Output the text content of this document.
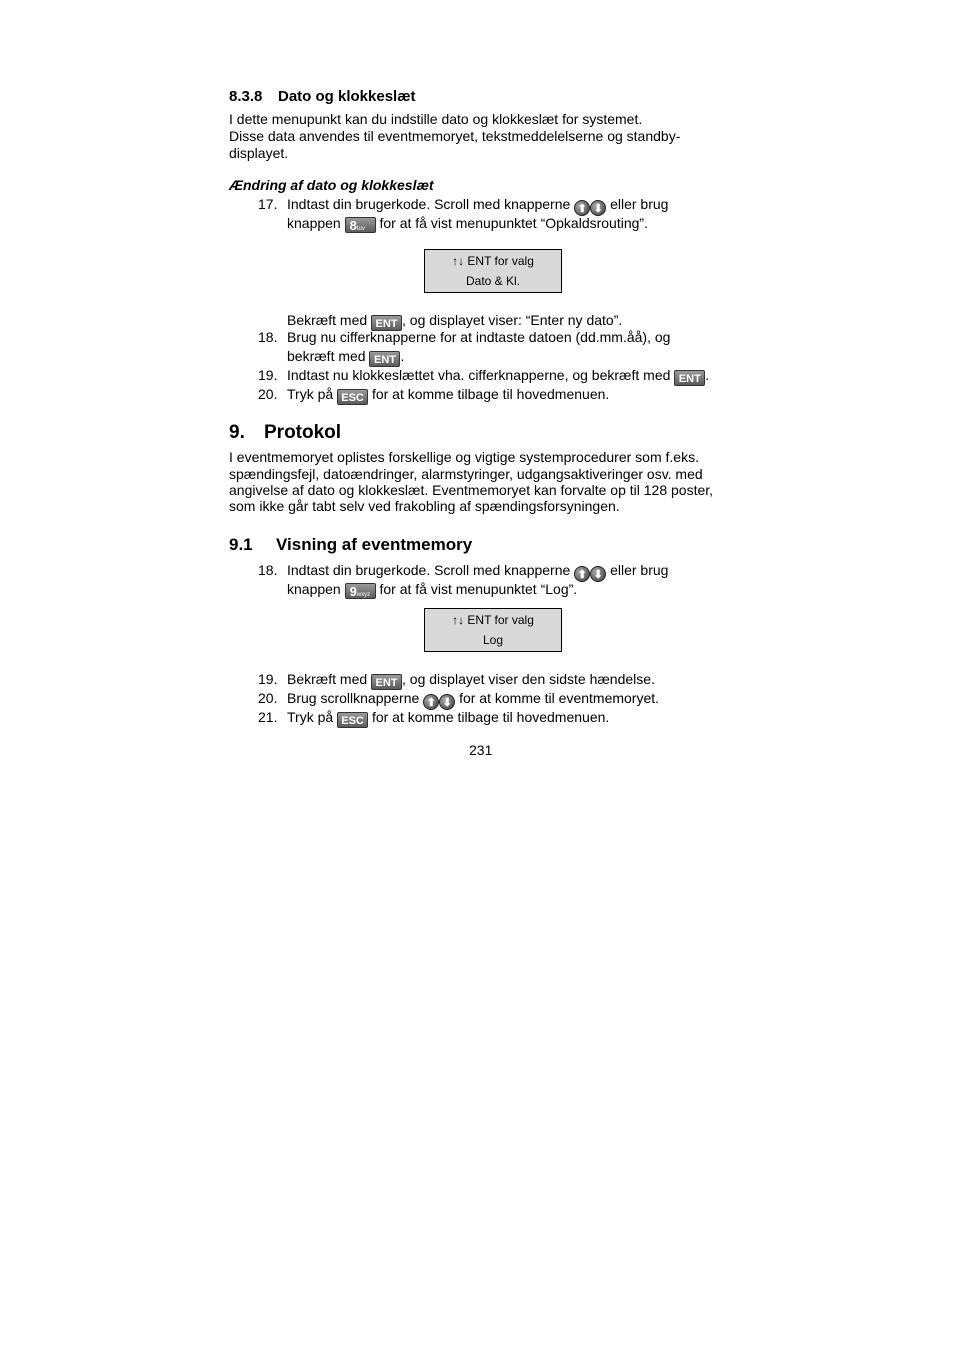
8.3.8 Dato og klokkeslæt
I dette menupunkt kan du indstille dato og klokkeslæt for systemet.
Disse data anvendes til eventmemoryet, tekstmeddelelserne og standby-
displayet.
Ændring af dato og klokkeslæt
17. Indtast din brugerkode. Scroll med knapperne ⬆ ⬇ eller brug
knappen 8tuv for at få vist menupunktet “Opkaldsrouting”.
↑↓ ENT for valg
Dato & Kl.
Bekræft med ENT , og displayet viser: “Enter ny dato”.
18. Brug nu cifferknapperne for at indtaste datoen (dd.mm.åå), og
bekræft med ENT .
19. Indtast nu klokkeslættet vha. cifferknapperne, og bekræft med ENT .
20. Tryk på ESC for at komme tilbage til hovedmenuen.
9. Protokol
I eventmemoryet oplistes forskellige og vigtige systemprocedurer som f.eks.
spændingsfejl, datoændringer, alarmstyringer, udgangsaktiveringer osv. med
angivelse af dato og klokkeslæt. Eventmemoryet kan forvalte op til 128 poster,
som ikke går tabt selv ved frakobling af spændingsforsyningen.
9.1 Visning af eventmemory
18. Indtast din brugerkode. Scroll med knapperne ⬆ ⬇ eller brug
knappen 9wxyz for at få vist menupunktet “Log”.
↑↓ ENT for valg
Log
19. Bekræft med ENT , og displayet viser den sidste hændelse.
20. Brug scrollknapperne ⬆ ⬇ for at komme til eventmemoryet.
21. Tryk på ESC for at komme tilbage til hovedmenuen.
231
